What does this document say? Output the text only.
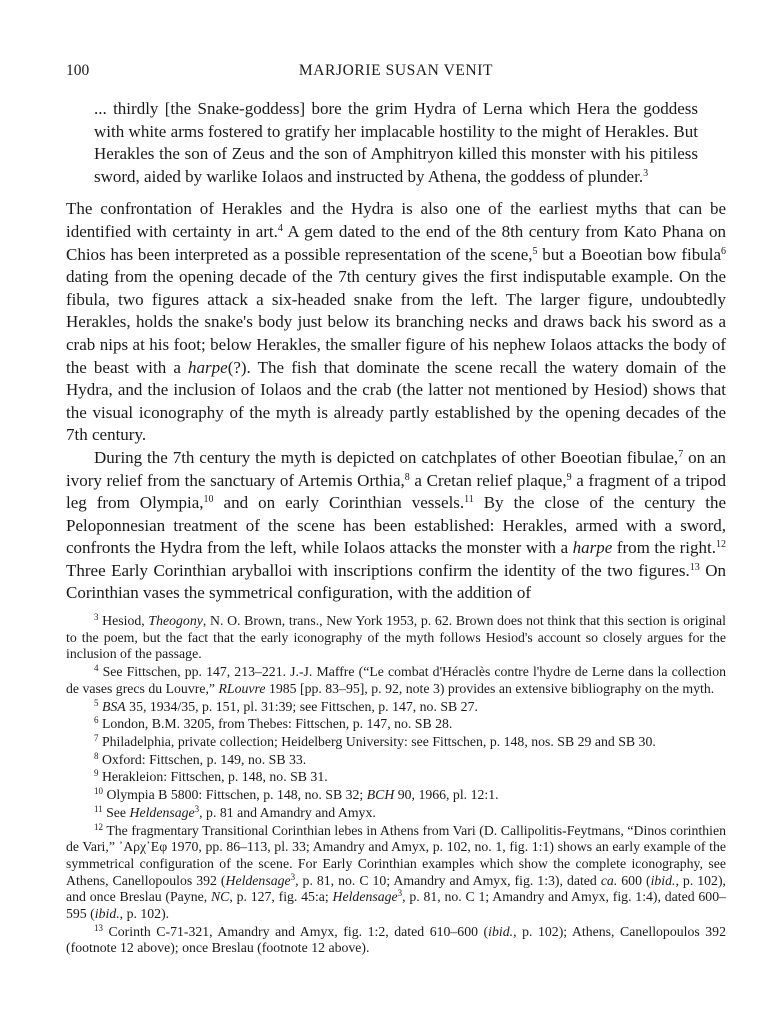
100	MARJORIE SUSAN VENIT
... thirdly [the Snake-goddess] bore the grim Hydra of Lerna which Hera the goddess with white arms fostered to gratify her implacable hostility to the might of Herakles. But Herakles the son of Zeus and the son of Amphitryon killed this monster with his pitiless sword, aided by warlike Iolaos and instructed by Athena, the goddess of plunder.$^3$

The confrontation of Herakles and the Hydra is also one of the earliest myths that can be identified with certainty in art.$^4$ A gem dated to the end of the 8th century from Kato Phana on Chios has been interpreted as a possible representation of the scene,$^5$ but a Boeotian bow fibula$^6$ dating from the opening decade of the 7th century gives the first indisputable example. On the fibula, two figures attack a six-headed snake from the left. The larger figure, undoubtedly Herakles, holds the snake's body just below its branching necks and draws back his sword as a crab nips at his foot; below Herakles, the smaller figure of his nephew Iolaos attacks the body of the beast with a harpe(?). The fish that dominate the scene recall the watery domain of the Hydra, and the inclusion of Iolaos and the crab (the latter not mentioned by Hesiod) shows that the visual iconography of the myth is already partly established by the opening decades of the 7th century.

During the 7th century the myth is depicted on catchplates of other Boeotian fibulae,$^7$ on an ivory relief from the sanctuary of Artemis Orthia,$^8$ a Cretan relief plaque,$^9$ a fragment of a tripod leg from Olympia,$^{10}$ and on early Corinthian vessels.$^{11}$ By the close of the century the Peloponnesian treatment of the scene has been established: Herakles, armed with a sword, confronts the Hydra from the left, while Iolaos attacks the monster with a harpe from the right.$^{12}$ Three Early Corinthian aryballoi with inscriptions confirm the identity of the two figures.$^{13}$ On Corinthian vases the symmetrical configuration, with the addition of

$^3$ Hesiod, Theogony, N. O. Brown, trans., New York 1953, p. 62. Brown does not think that this section is original to the poem, but the fact that the early iconography of the myth follows Hesiod's account so closely argues for the inclusion of the passage.

$^4$ See Fittschen, pp. 147, 213–221. J.-J. Maffre (“Le combat d'Héraclès contre l'hydre de Lerne dans la collection de vases grecs du Louvre,” RLouvre 1985 [pp. 83–95], p. 92, note 3) provides an extensive bibliography on the myth.

$^5$ BSA 35, 1934/35, p. 151, pl. 31:39; see Fittschen, p. 147, no. SB 27.

$^6$ London, B.M. 3205, from Thebes: Fittschen, p. 147, no. SB 28.

$^7$ Philadelphia, private collection; Heidelberg University: see Fittschen, p. 148, nos. SB 29 and SB 30.

$^8$ Oxford: Fittschen, p. 149, no. SB 33.

$^9$ Herakleion: Fittschen, p. 148, no. SB 31.

$^{10}$ Olympia B 5800: Fittschen, p. 148, no. SB 32; BCH 90, 1966, pl. 12:1.

$^{11}$ See Heldensage$^3$, p. 81 and Amandry and Amyx.

$^{12}$ The fragmentary Transitional Corinthian lebes in Athens from Vari (D. Callipolitis-Feytmans, “Dinos corinthien de Vari,” ᾿Αρχ᾿Εφ 1970, pp. 86–113, pl. 33; Amandry and Amyx, p. 102, no. 1, fig. 1:1) shows an early example of the symmetrical configuration of the scene. For Early Corinthian examples which show the complete iconography, see Athens, Canellopoulos 392 (Heldensage$^3$, p. 81, no. C 10; Amandry and Amyx, fig. 1:3), dated ca. 600 (ibid., p. 102), and once Breslau (Payne, NC, p. 127, fig. 45:a; Heldensage$^3$, p. 81, no. C 1; Amandry and Amyx, fig. 1:4), dated 600–595 (ibid., p. 102).

$^{13}$ Corinth C-71-321, Amandry and Amyx, fig. 1:2, dated 610–600 (ibid., p. 102); Athens, Canellopoulos 392 (footnote 12 above); once Breslau (footnote 12 above).
